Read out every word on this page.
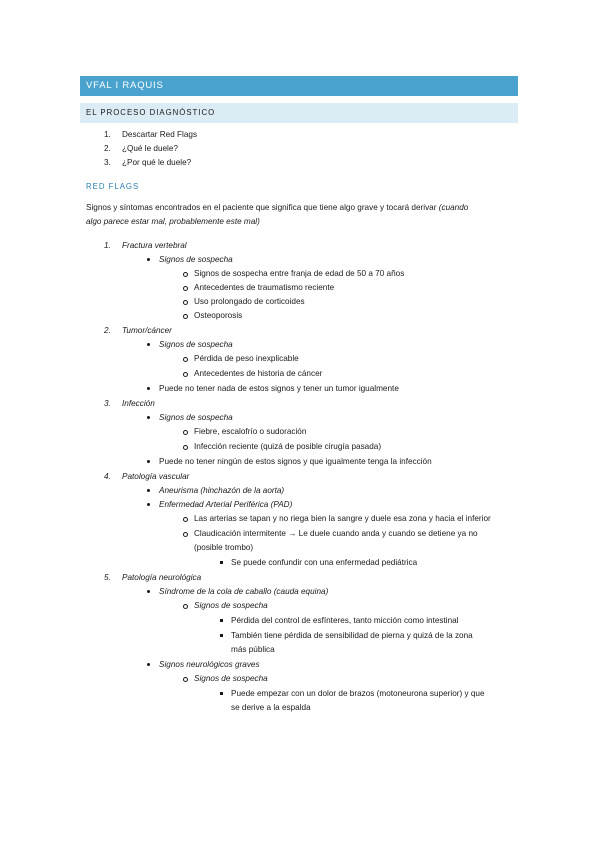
VFAL I RAQUIS
EL PROCESO DIAGNÓSTICO
1. Descartar Red Flags
2. ¿Qué le duele?
3. ¿Por qué le duele?
RED FLAGS
Signos y síntomas encontrados en el paciente que significa que tiene algo grave y tocará derivar (cuando
algo parece estar mal, probablemente este mal)
1. Fractura vertebral
Signos de sospecha
Signos de sospecha entre franja de edad de 50 a 70 años
Antecedentes de traumatismo reciente
Uso prolongado de corticoides
Osteoporosis
2. Tumor/cáncer
Signos de sospecha
Pérdida de peso inexplicable
Antecedentes de historia de cáncer
Puede no tener nada de estos signos y tener un tumor igualmente
3. Infección
Signos de sospecha
Fiebre, escalofrío o sudoración
Infección reciente (quizá de posible cirugía pasada)
Puede no tener ningún de estos signos y que igualmente tenga la infección
4. Patología vascular
Aneurisma (hinchazón de la aorta)
Enfermedad Arterial Periférica (PAD)
Las arterias se tapan y no riega bien la sangre y duele esa zona y hacia el inferior
Claudicación intermitente → Le duele cuando anda y cuando se detiene ya no
(posible trombo)
Se puede confundir con una enfermedad pediátrica
5. Patología neurológica
Síndrome de la cola de caballo (cauda equina)
Signos de sospecha
Pérdida del control de esfínteres, tanto micción como intestinal
También tiene pérdida de sensibilidad de pierna y quizá de la zona
más pública
Signos neurológicos graves
Signos de sospecha
Puede empezar con un dolor de brazos (motoneurona superior) y que
se derive a la espalda
